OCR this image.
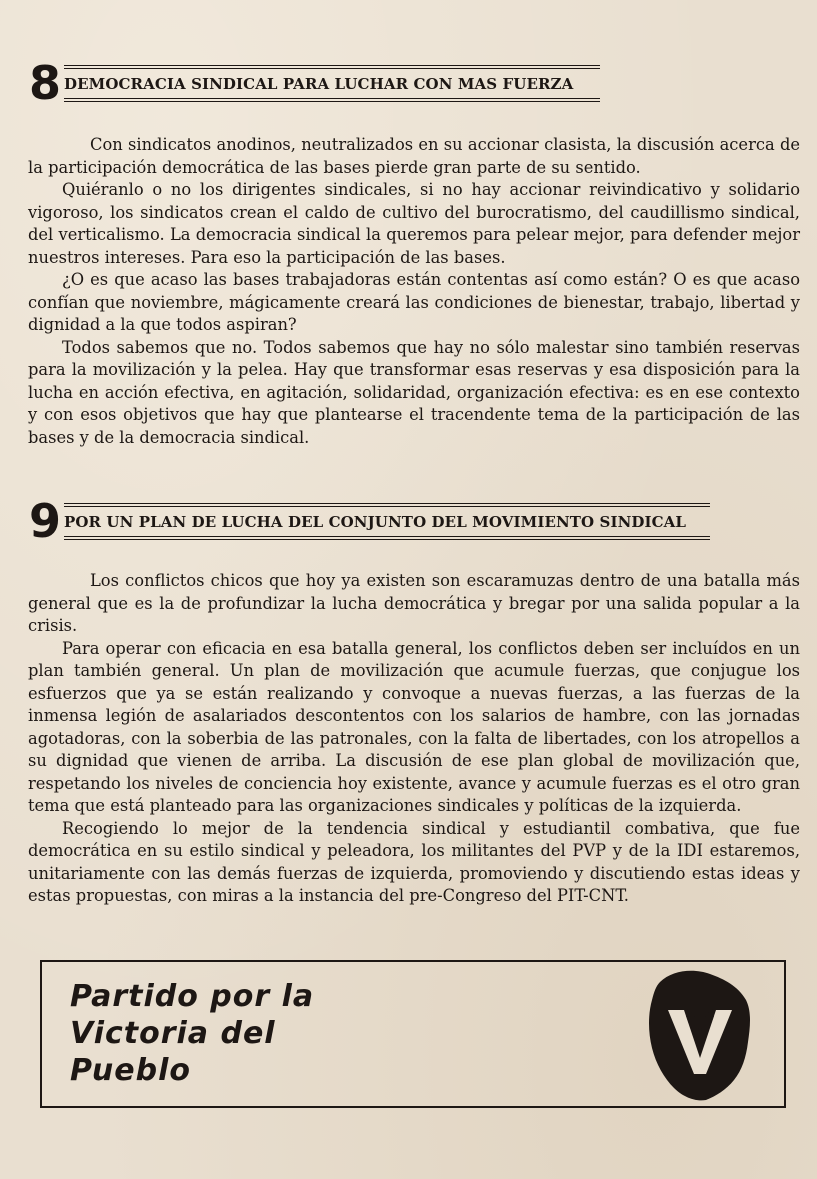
8 DEMOCRACIA SINDICAL PARA LUCHAR CON MAS FUERZA

Con sindicatos anodinos, neutralizados en su accionar clasista, la discusión acerca de la participación democrática de las bases pierde gran parte de su sentido.

Quiéranlo o no los dirigentes sindicales, si no hay accionar reivindicativo y solidario vigoroso, los sindicatos crean el caldo de cultivo del burocratismo, del caudillismo sindical, del verticalismo. La democracia sindical la queremos para pelear mejor, para defender mejor nuestros intereses. Para eso la participación de las bases.

¿O es que acaso las bases trabajadoras están contentas así como están? O es que acaso confían que noviembre, mágicamente creará las condiciones de bienestar, trabajo, libertad y dignidad a la que todos aspiran?

Todos sabemos que no. Todos sabemos que hay no sólo malestar sino también reservas para la movilización y la pelea. Hay que transformar esas reservas y esa disposición para la lucha en acción efectiva, en agitación, solidaridad, organización efectiva: es en ese contexto y con esos objetivos que hay que plantearse el tracendente tema de la participación de las bases y de la democracia sindical.

9 POR UN PLAN DE LUCHA DEL CONJUNTO DEL MOVIMIENTO SINDICAL

Los conflictos chicos que hoy ya existen son escaramuzas dentro de una batalla más general que es la de profundizar la lucha democrática y bregar por una salida popular a la crisis.

Para operar con eficacia en esa batalla general, los conflictos deben ser incluídos en un plan también general. Un plan de movilización que acumule fuerzas, que conjugue los esfuerzos que ya se están realizando y convoque a nuevas fuerzas, a las fuerzas de la inmensa legión de asalariados descontentos con los salarios de hambre, con las jornadas agotadoras, con la soberbia de las patronales, con la falta de libertades, con los atropellos a su dignidad que vienen de arriba. La discusión de ese plan global de movilización que, respetando los niveles de conciencia hoy existente, avance y acumule fuerzas es el otro gran tema que está planteado para las organizaciones sindicales y políticas de la izquierda.

Recogiendo lo mejor de la tendencia sindical y estudiantil combativa, que fue democrática en su estilo sindical y peleadora, los militantes del PVP y de la IDI estaremos, unitariamente con las demás fuerzas de izquierda, promoviendo y discutiendo estas ideas y estas propuestas, con miras a la instancia del pre-Congreso del PIT-CNT.

Partido por la
Victoria del
Pueblo
